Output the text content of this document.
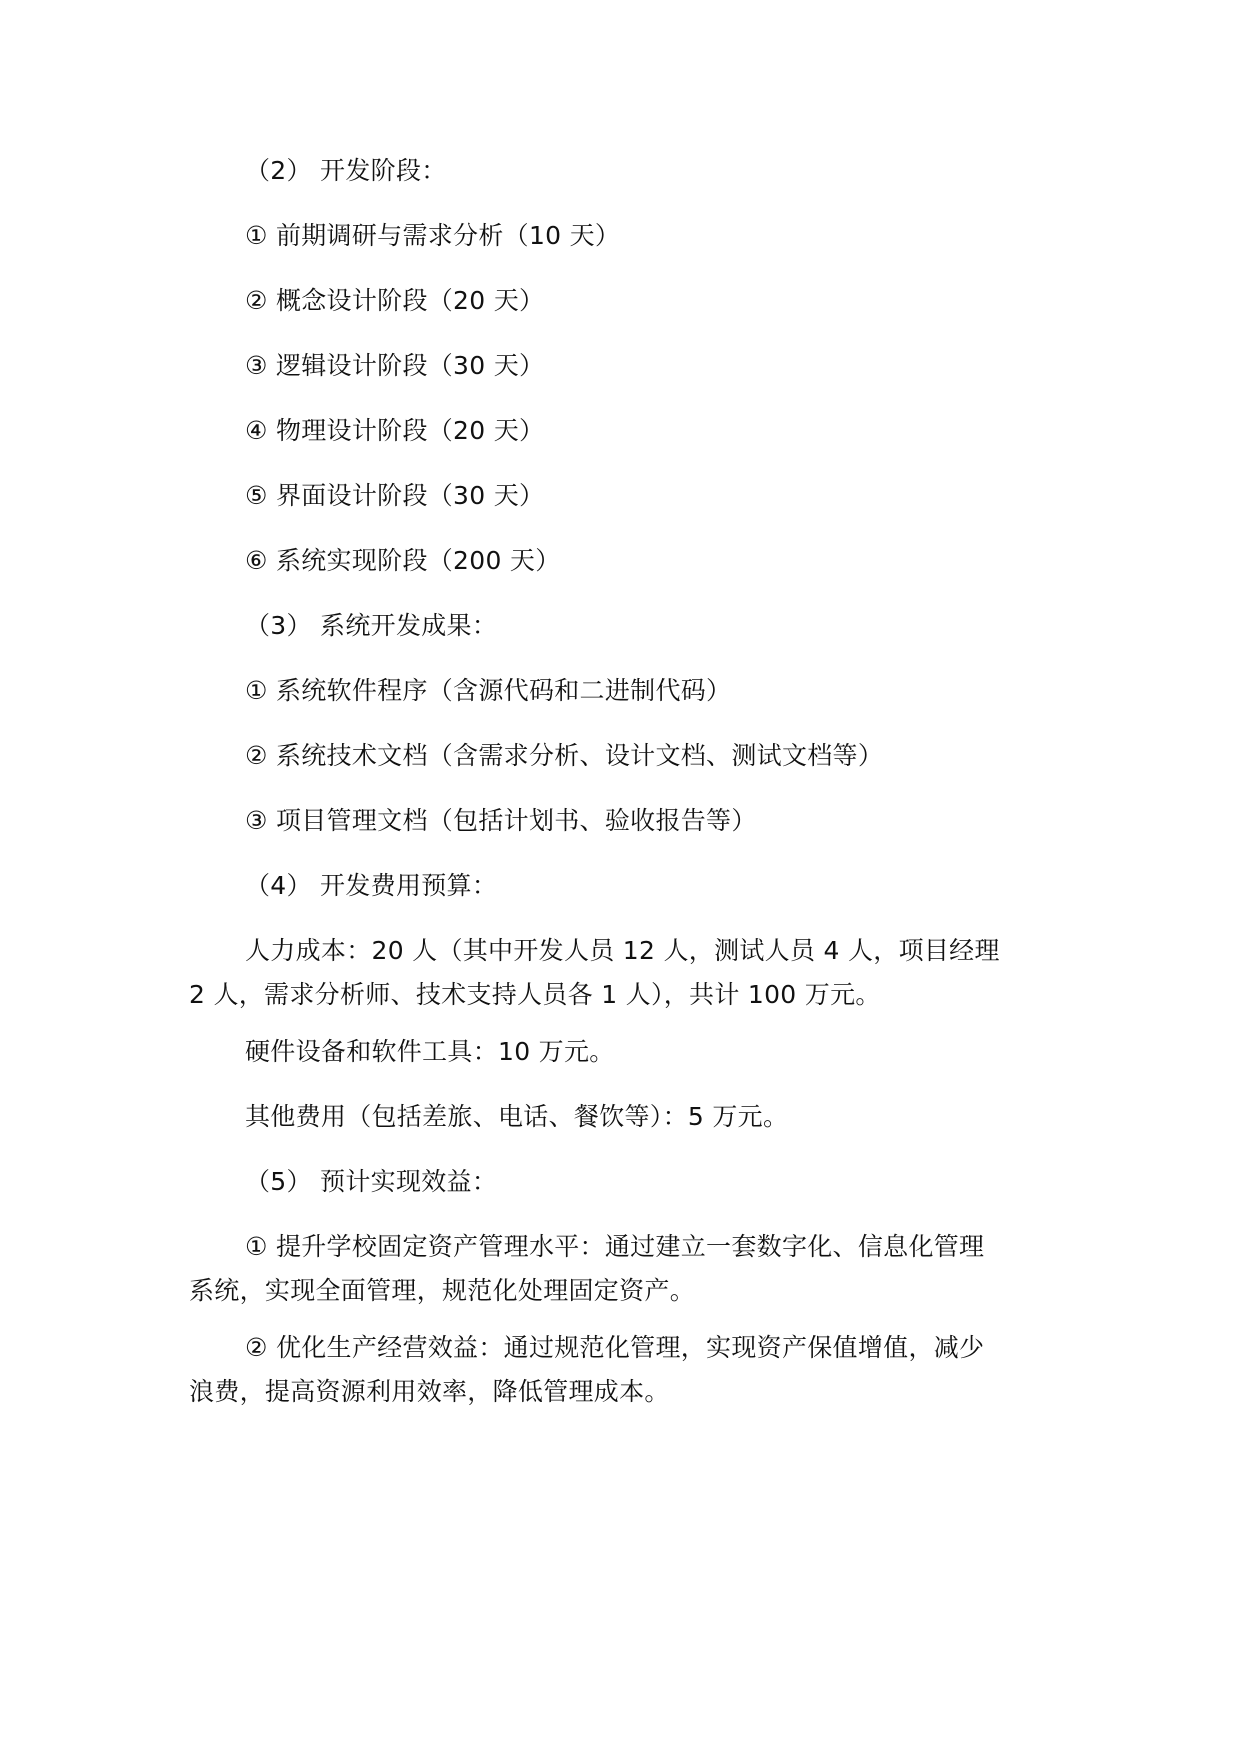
（2） 开发阶段：
① 前期调研与需求分析（10 天）
② 概念设计阶段（20 天）
③ 逻辑设计阶段（30 天）
④ 物理设计阶段（20 天）
⑤ 界面设计阶段（30 天）
⑥ 系统实现阶段（200 天）
（3） 系统开发成果：
① 系统软件程序（含源代码和二进制代码）
② 系统技术文档（含需求分析、设计文档、测试文档等）
③ 项目管理文档（包括计划书、验收报告等）
（4） 开发费用预算：
人力成本：20 人（其中开发人员 12 人，测试人员 4 人，项目经理
2 人，需求分析师、技术支持人员各 1 人），共计 100 万元。
硬件设备和软件工具：10 万元。
其他费用（包括差旅、电话、餐饮等）：5 万元。
（5） 预计实现效益：
① 提升学校固定资产管理水平：通过建立一套数字化、信息化管理
系统，实现全面管理，规范化处理固定资产。
② 优化生产经营效益：通过规范化管理，实现资产保值增值，减少
浪费，提高资源利用效率，降低管理成本。
